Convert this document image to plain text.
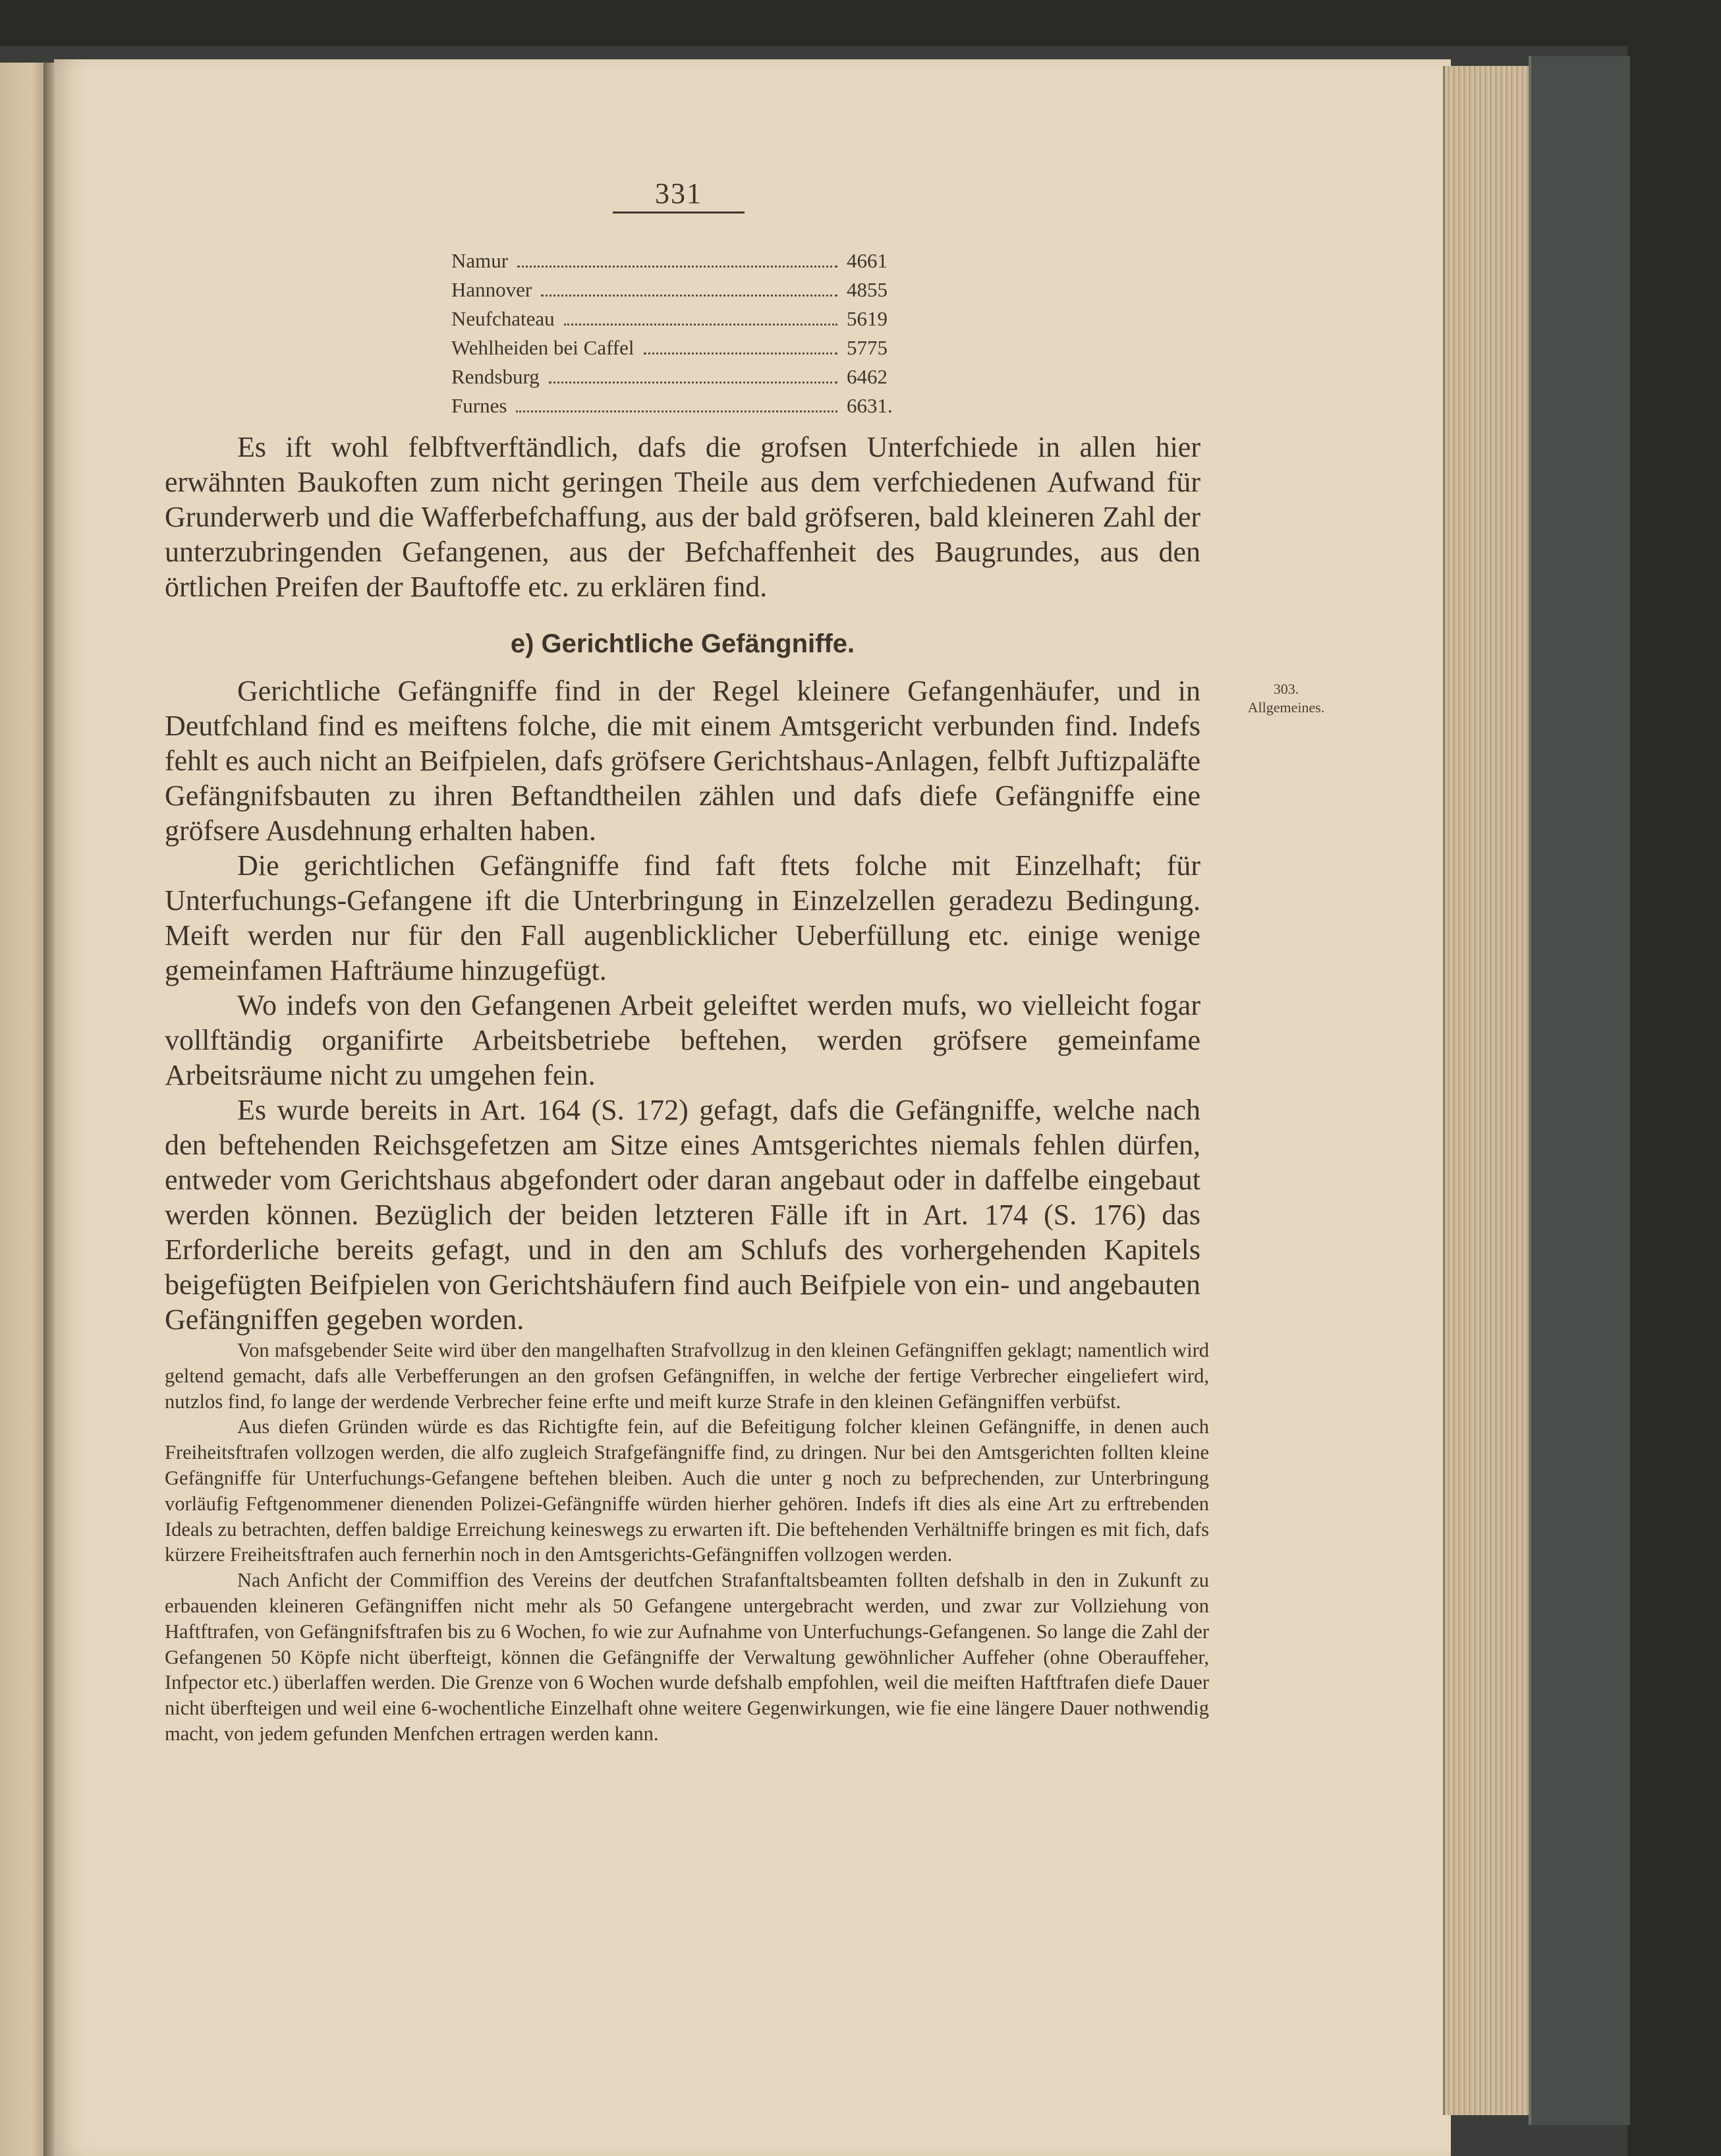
331
Namur	4661
Hannover	4855
Neufchateau	5619
Wehlheiden bei Caffel	5775
Rendsburg	6462
Furnes	6631.

Es ift wohl felbftverftändlich, dafs die grofsen Unterfchiede in allen hier erwähnten Baukoften zum nicht geringen Theile aus dem verfchiedenen Aufwand für Grunderwerb und die Wafferbefchaffung, aus der bald gröfseren, bald kleineren Zahl der unterzubringenden Gefangenen, aus der Befchaffenheit des Baugrundes, aus den örtlichen Preifen der Bauftoffe etc. zu erklären find.

e) Gerichtliche Gefängniffe.
303.
Allgemeines.

Gerichtliche Gefängniffe find in der Regel kleinere Gefangenhäufer, und in Deutfchland find es meiftens folche, die mit einem Amtsgericht verbunden find. Indefs fehlt es auch nicht an Beifpielen, dafs gröfsere Gerichtshaus-Anlagen, felbft Juftizpaläfte Gefängnifsbauten zu ihren Beftandtheilen zählen und dafs diefe Gefängniffe eine gröfsere Ausdehnung erhalten haben.

Die gerichtlichen Gefängniffe find faft ftets folche mit Einzelhaft; für Unterfuchungs-Gefangene ift die Unterbringung in Einzelzellen geradezu Bedingung. Meift werden nur für den Fall augenblicklicher Ueberfüllung etc. einige wenige gemeinfamen Hafträume hinzugefügt.

Wo indefs von den Gefangenen Arbeit geleiftet werden mufs, wo vielleicht fogar vollftändig organifirte Arbeitsbetriebe beftehen, werden gröfsere gemeinfame Arbeitsräume nicht zu umgehen fein.

Es wurde bereits in Art. 164 (S. 172) gefagt, dafs die Gefängniffe, welche nach den beftehenden Reichsgefetzen am Sitze eines Amtsgerichtes niemals fehlen dürfen, entweder vom Gerichtshaus abgefondert oder daran angebaut oder in daffelbe eingebaut werden können. Bezüglich der beiden letzteren Fälle ift in Art. 174 (S. 176) das Erforderliche bereits gefagt, und in den am Schlufs des vorhergehenden Kapitels beigefügten Beifpielen von Gerichtshäufern find auch Beifpiele von ein- und angebauten Gefängniffen gegeben worden.

Von mafsgebender Seite wird über den mangelhaften Strafvollzug in den kleinen Gefängniffen geklagt; namentlich wird geltend gemacht, dafs alle Verbefferungen an den grofsen Gefängniffen, in welche der fertige Verbrecher eingeliefert wird, nutzlos find, fo lange der werdende Verbrecher feine erfte und meift kurze Strafe in den kleinen Gefängniffen verbüfst.

Aus diefen Gründen würde es das Richtigfte fein, auf die Befeitigung folcher kleinen Gefängniffe, in denen auch Freiheitsftrafen vollzogen werden, die alfo zugleich Strafgefängniffe find, zu dringen. Nur bei den Amtsgerichten follten kleine Gefängniffe für Unterfuchungs-Gefangene beftehen bleiben. Auch die unter g noch zu befprechenden, zur Unterbringung vorläufig Feftgenommener dienenden Polizei-Gefängniffe würden hierher gehören. Indefs ift dies als eine Art zu erftrebenden Ideals zu betrachten, deffen baldige Erreichung keineswegs zu erwarten ift. Die beftehenden Verhältniffe bringen es mit fich, dafs kürzere Freiheitsftrafen auch fernerhin noch in den Amtsgerichts-Gefängniffen vollzogen werden.

Nach Anficht der Commiffion des Vereins der deutfchen Strafanftaltsbeamten follten defshalb in den in Zukunft zu erbauenden kleineren Gefängniffen nicht mehr als 50 Gefangene untergebracht werden, und zwar zur Vollziehung von Haftftrafen, von Gefängnifsftrafen bis zu 6 Wochen, fo wie zur Aufnahme von Unterfuchungs-Gefangenen. So lange die Zahl der Gefangenen 50 Köpfe nicht überfteigt, können die Gefängniffe der Verwaltung gewöhnlicher Auffeher (ohne Oberauffeher, Infpector etc.) überlaffen werden. Die Grenze von 6 Wochen wurde defshalb empfohlen, weil die meiften Haftftrafen diefe Dauer nicht überfteigen und weil eine 6-wochentliche Einzelhaft ohne weitere Gegenwirkungen, wie fie eine längere Dauer nothwendig macht, von jedem gefunden Menfchen ertragen werden kann.
